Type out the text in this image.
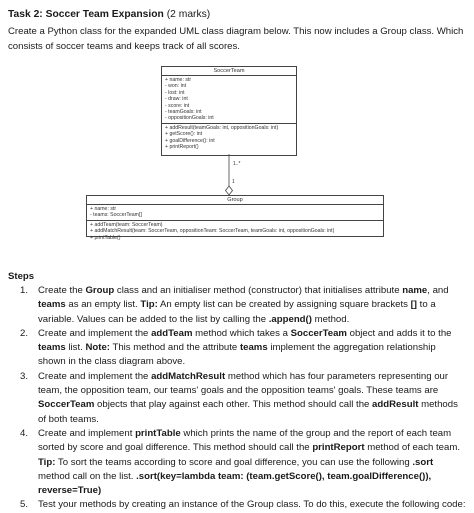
Task 2: Soccer Team Expansion (2 marks)
Create a Python class for the expanded UML class diagram below. This now includes a Group class. Which consists of soccer teams and keeps track of all scores.
SoccerTeam
+ name: str
- won: int
- lost: int
- draw: int
- score: int
- teamGoals: int
- oppositionGoals: int
+ addResult(teamGoals: int, oppositionGoals: int)
+ getScore(): int
+ goalDifference(): int
+ printReport()
1..*
1
Group
+ name: str
- teams: SoccerTeam[]
+ addTeam(team: SoccerTeam)
+ addMatchResult(team: SoccerTeam, oppositionTeam: SoccerTeam, teamGoals: int, oppositionGoals: int)
+ printTable()
Steps
1.	Create the Group class and an initialiser method (constructor) that initialises attribute name, and teams as an empty list. Tip: An empty list can be created by assigning square brackets [] to a variable. Values can be added to the list by calling the .append() method.
2.	Create and implement the addTeam method which takes a SoccerTeam object and adds it to the teams list. Note: This method and the attribute teams implement the aggregation relationship shown in the class diagram above.
3.	Create and implement the addMatchResult method which has four parameters representing our team, the opposition team, our teams' goals and the opposition teams' goals. These teams are SoccerTeam objects that play against each other. This method should call the addResult methods of both teams.
4.	Create and implement printTable which prints the name of the group and the report of each team sorted by score and goal difference. This method should call the printReport method of each team. Tip: To sort the teams according to score and goal difference, you can use the following .sort method call on the list. .sort(key=lambda team: (team.getScore(), team.goalDifference()), reverse=True)
5.	Test your methods by creating an instance of the Group class. To do this, execute the following code:
